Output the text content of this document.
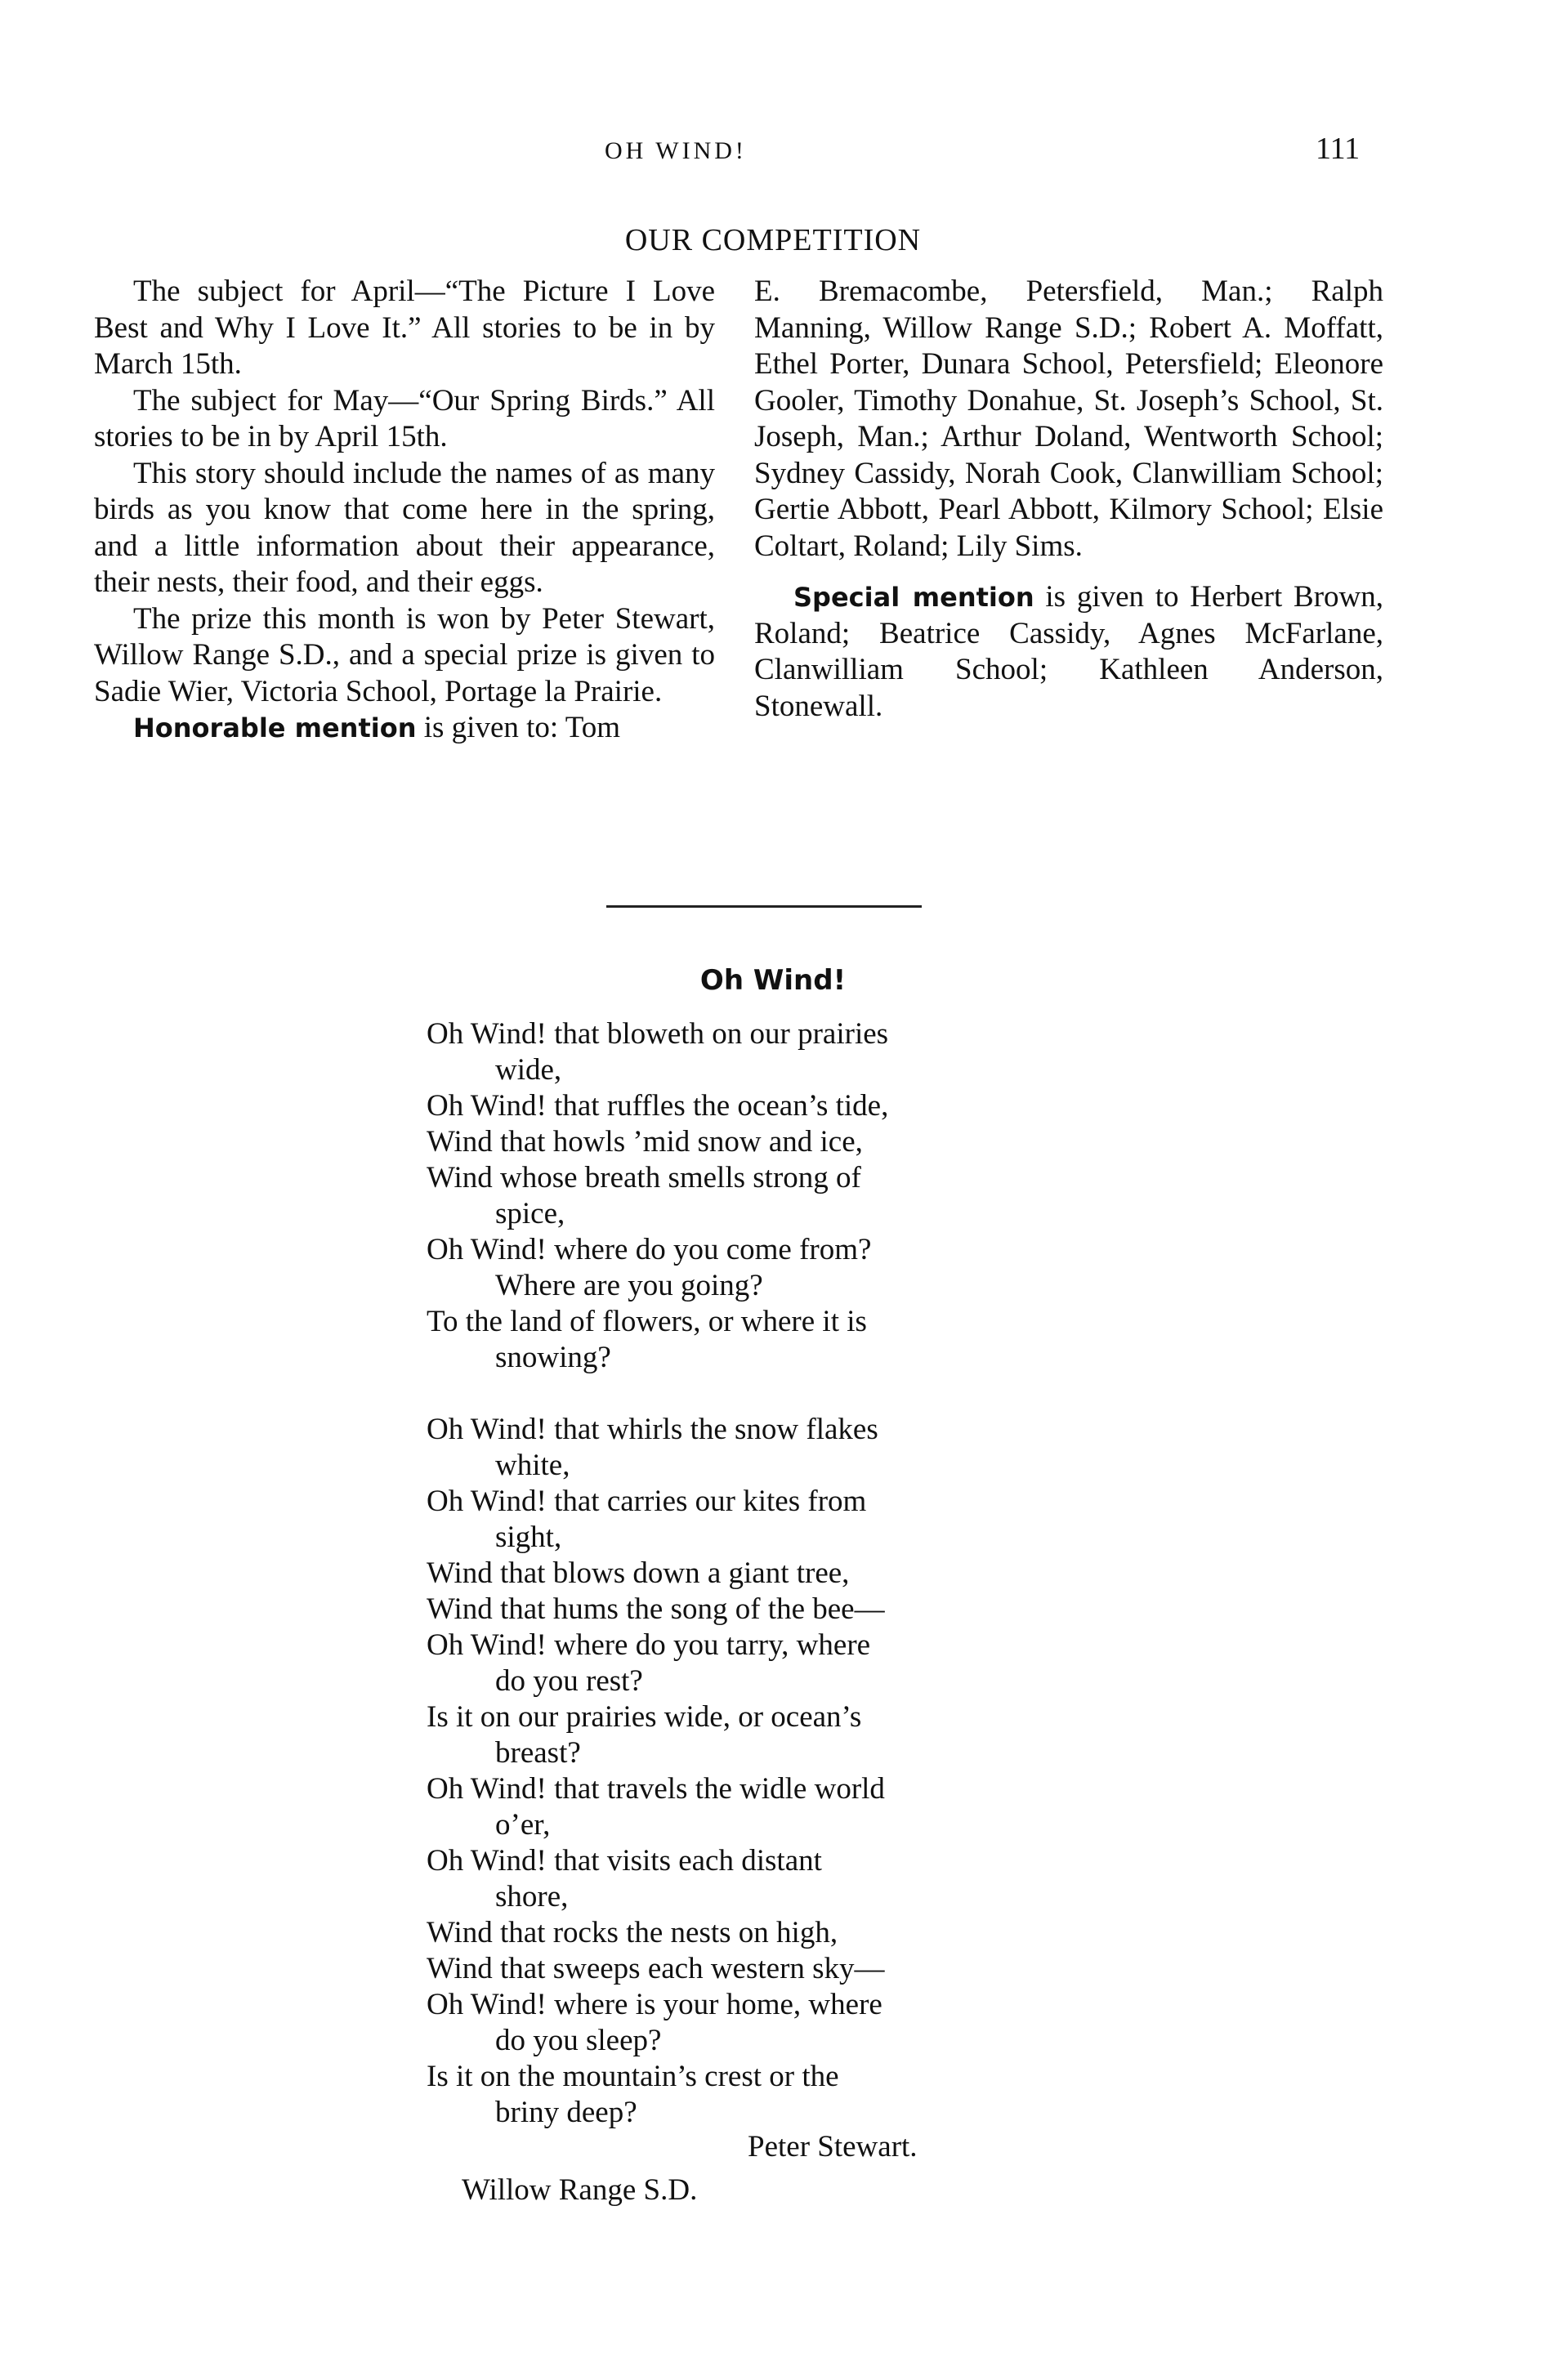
OH WIND!	111
OUR COMPETITION

The subject for April—“The Picture I Love Best and Why I Love It.” All stories to be in by March 15th.

The subject for May—“Our Spring Birds.” All stories to be in by April 15th.

This story should include the names of as many birds as you know that come here in the spring, and a little information about their appearance, their nests, their food, and their eggs.

The prize this month is won by Peter Stewart, Willow Range S.D., and a special prize is given to Sadie Wier, Victoria School, Portage la Prairie.

Honorable mention is given to: Tom

E. Bremacombe, Petersfield, Man.; Ralph Manning, Willow Range S.D.; Robert A. Moffatt, Ethel Porter, Dunara School, Petersfield; Eleonore Gooler, Timothy Donahue, St. Joseph’s School, St. Joseph, Man.; Arthur Doland, Wentworth School; Sydney Cassidy, Norah Cook, Clanwilliam School; Gertie Abbott, Pearl Abbott, Kilmory School; Elsie Coltart, Roland; Lily Sims.

Special mention is given to Herbert Brown, Roland; Beatrice Cassidy, Agnes McFarlane, Clanwilliam School; Kathleen Anderson, Stonewall.

Oh Wind!
Oh Wind! that bloweth on our prairies
wide,
Oh Wind! that ruffles the ocean’s tide,
Wind that howls ’mid snow and ice,
Wind whose breath smells strong of
spice,
Oh Wind! where do you come from?
Where are you going?
To the land of flowers, or where it is
snowing?
Oh Wind! that whirls the snow flakes
white,
Oh Wind! that carries our kites from
sight,
Wind that blows down a giant tree,
Wind that hums the song of the bee—
Oh Wind! where do you tarry, where
do you rest?
Is it on our prairies wide, or ocean’s
breast?
Oh Wind! that travels the widle world
o’er,
Oh Wind! that visits each distant
shore,
Wind that rocks the nests on high,
Wind that sweeps each western sky—
Oh Wind! where is your home, where
do you sleep?
Is it on the mountain’s crest or the
briny deep?
Peter Stewart.
Willow Range S.D.
